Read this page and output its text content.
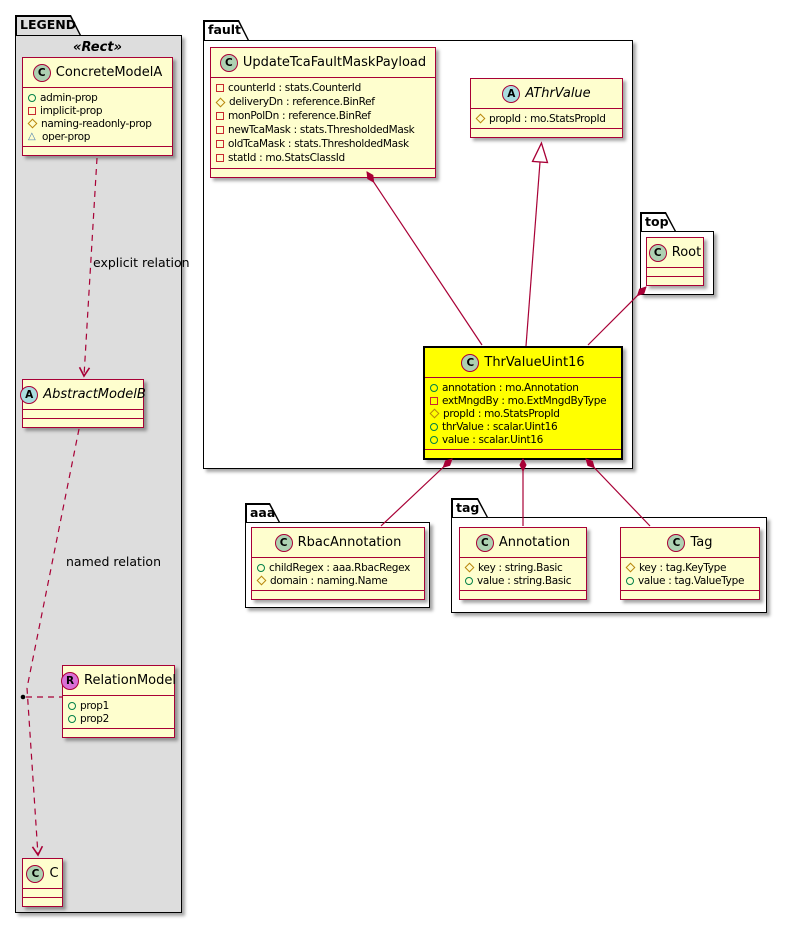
LEGEND	fault
top
aaa	tag
«Rect»
C ConcreteModelA
admin-prop
implicit-prop
naming-readonly-prop
△
oper-prop
A AbstractModelB
R RelationModel
prop1
prop2
C C
C UpdateTcaFaultMaskPayload
counterId : stats.CounterId
deliveryDn : reference.BinRef
monPolDn : reference.BinRef
newTcaMask : stats.ThresholdedMask
oldTcaMask : stats.ThresholdedMask
statId : mo.StatsClassId
A AThrValue
propId : mo.StatsPropId
C ThrValueUint16
annotation : mo.Annotation
extMngdBy : mo.ExtMngdByType
propId : mo.StatsPropId
thrValue : scalar.Uint16
value : scalar.Uint16
C Root
C RbacAnnotation
childRegex : aaa.RbacRegex
domain : naming.Name
C Annotation
key : string.Basic
value : string.Basic
C Tag
key : tag.KeyType
value : tag.ValueType
explicit relation
named relation
